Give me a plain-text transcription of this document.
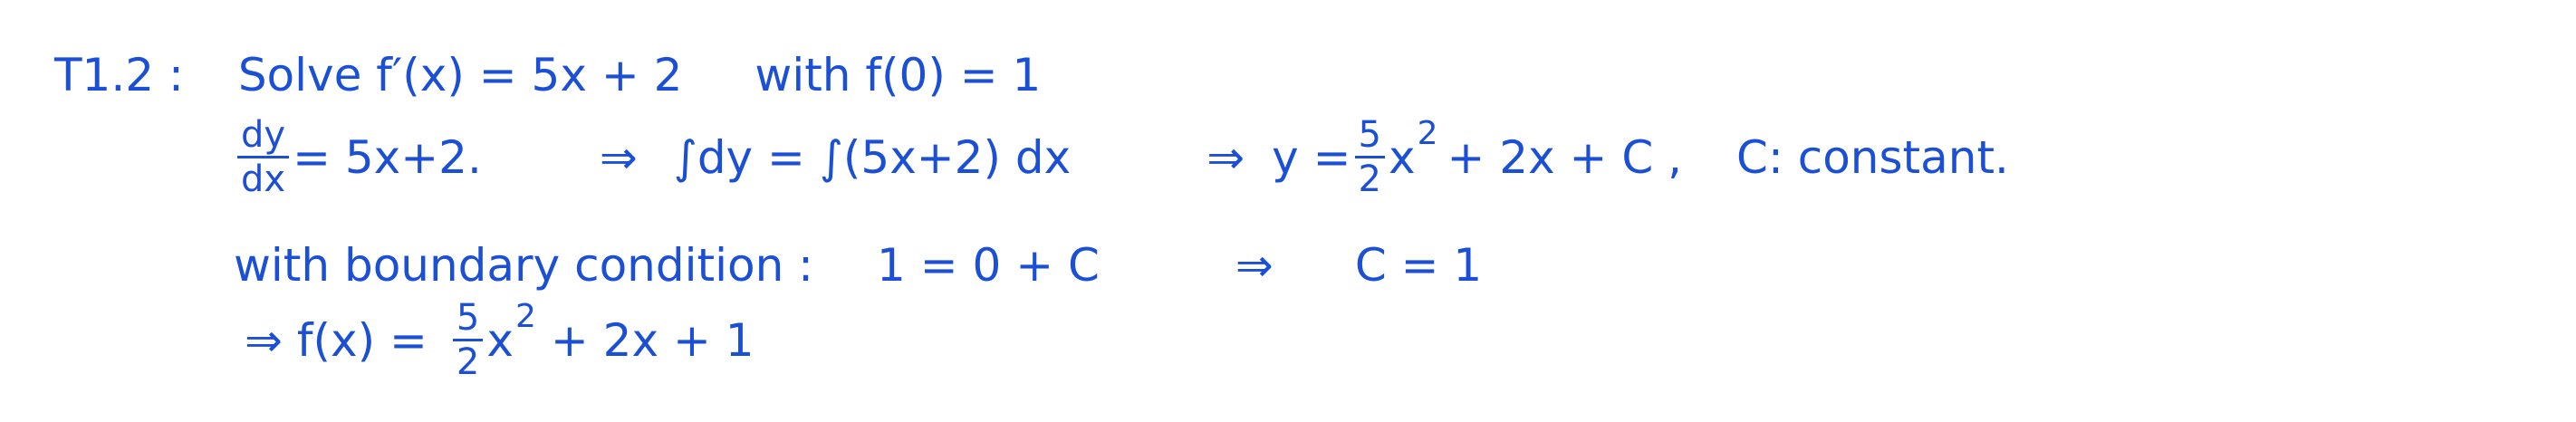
T1.2 : Solve f′(x) = 5x + 2 with f(0) = 1
$\frac{dy}{dx} = 5x+2$.	⇒ ∫dy = ∫(5x+2) dx	⇒ $y = \frac{5}{2}$ x 2 + 2x + C , C: constant.
with boundary condition : 1 = 0 + C	⇒ C = 1
⇒ $f(x) = \frac{5}{2}$ x 2 + 2x + 1
